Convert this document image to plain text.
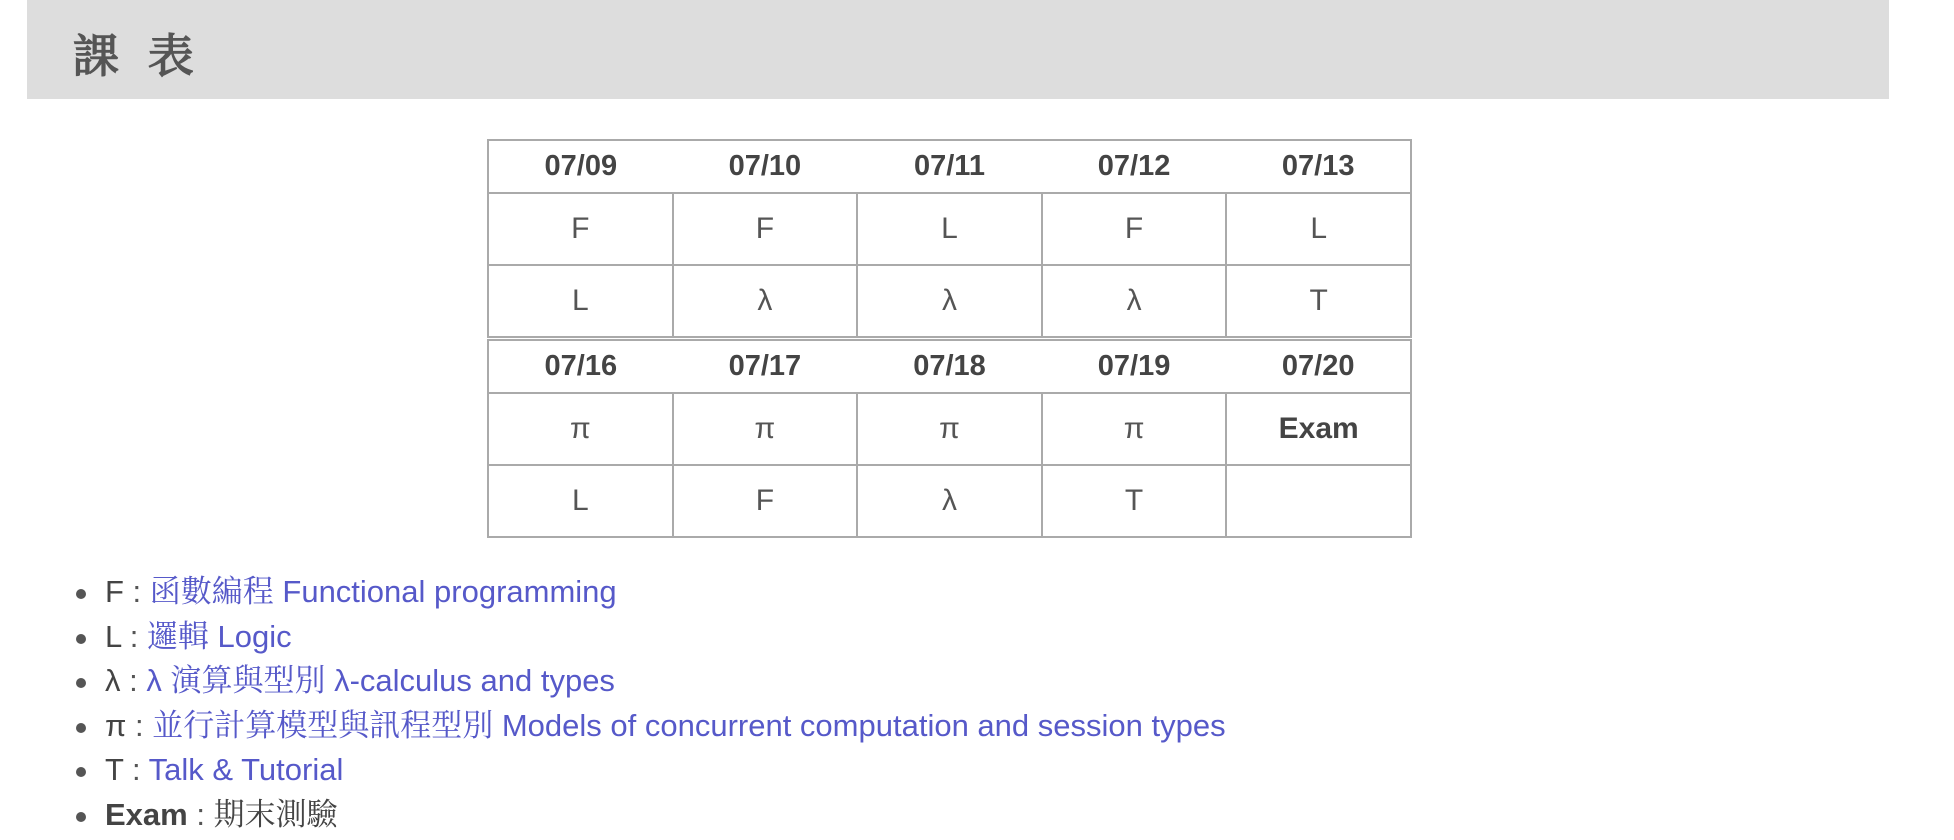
課 表
07/09	07/10	07/11	07/12	07/13
F	F	L	F	L
L	λ	λ	λ	T
07/16	07/17	07/18	07/19	07/20
π	π	π	π	Exam
L	F	λ	T	
F : 函數編程 Functional programming
L : 邏輯 Logic
λ : λ 演算與型別 λ-calculus and types
π : 並行計算模型與訊程型別 Models of concurrent computation and session types
T : Talk & Tutorial
Exam : 期末測驗
